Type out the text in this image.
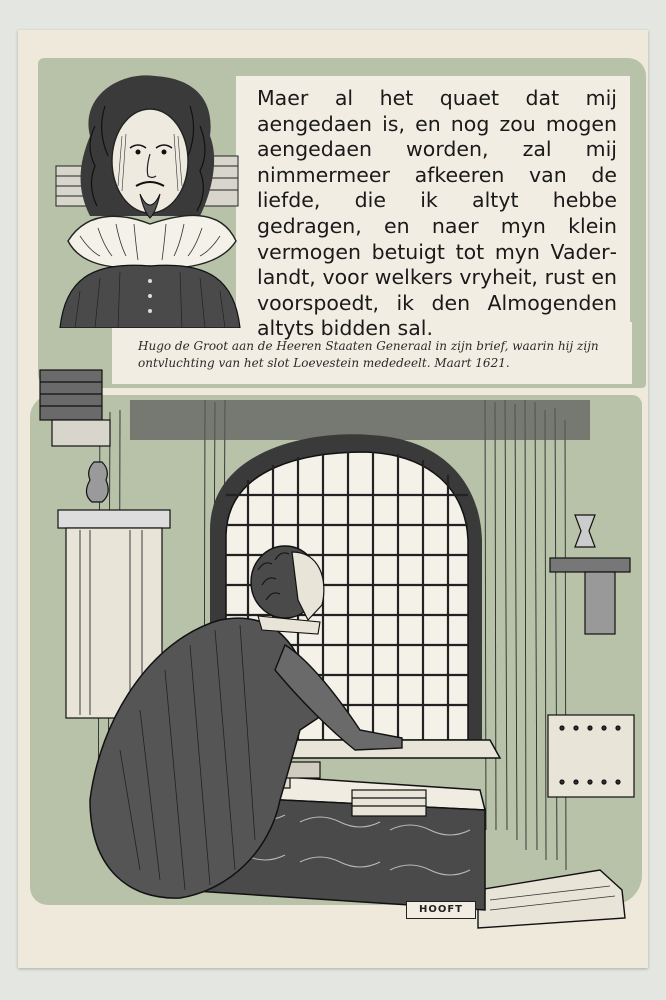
Maer al het quaet dat mij aengedaen is, en nog zou mogen aengedaen worden, zal mij nimmermeer afkeeren van de liefde, die ik altyt hebbe gedragen, en naer myn klein vermogen betuigt tot myn Vaderlandt, voor welkers vryheit, rust en voorspoedt, ik den Almogenden altyts bidden sal.

Hugo de Groot aan de Heeren Staaten Generaal in zijn brief, waarin hij zijn ontvluchting van het slot Loevestein mededeelt. Maart 1621.

HOOFT
